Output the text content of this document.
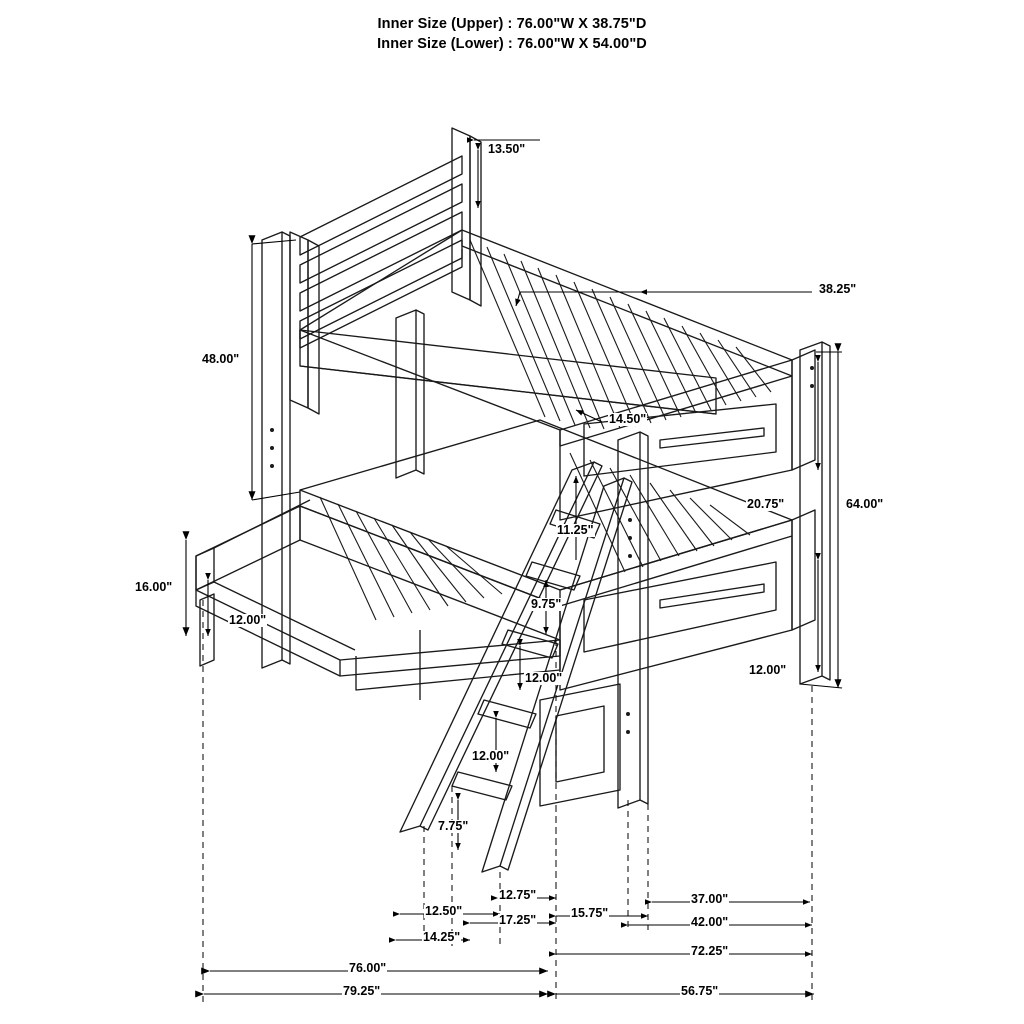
Inner Size (Upper) : 76.00"W X 38.75"D
Inner Size (Lower) : 76.00"W X 54.00"D
13.50"
38.25"
48.00"
14.50"
64.00"
20.75"
11.25"
16.00"
9.75"
12.00"
12.00"
12.00"
12.00"
7.75"
37.00"
12.75"
12.50"
17.25"	15.75"
42.00"
14.25"
72.25"
76.00"
79.25"	56.75"
